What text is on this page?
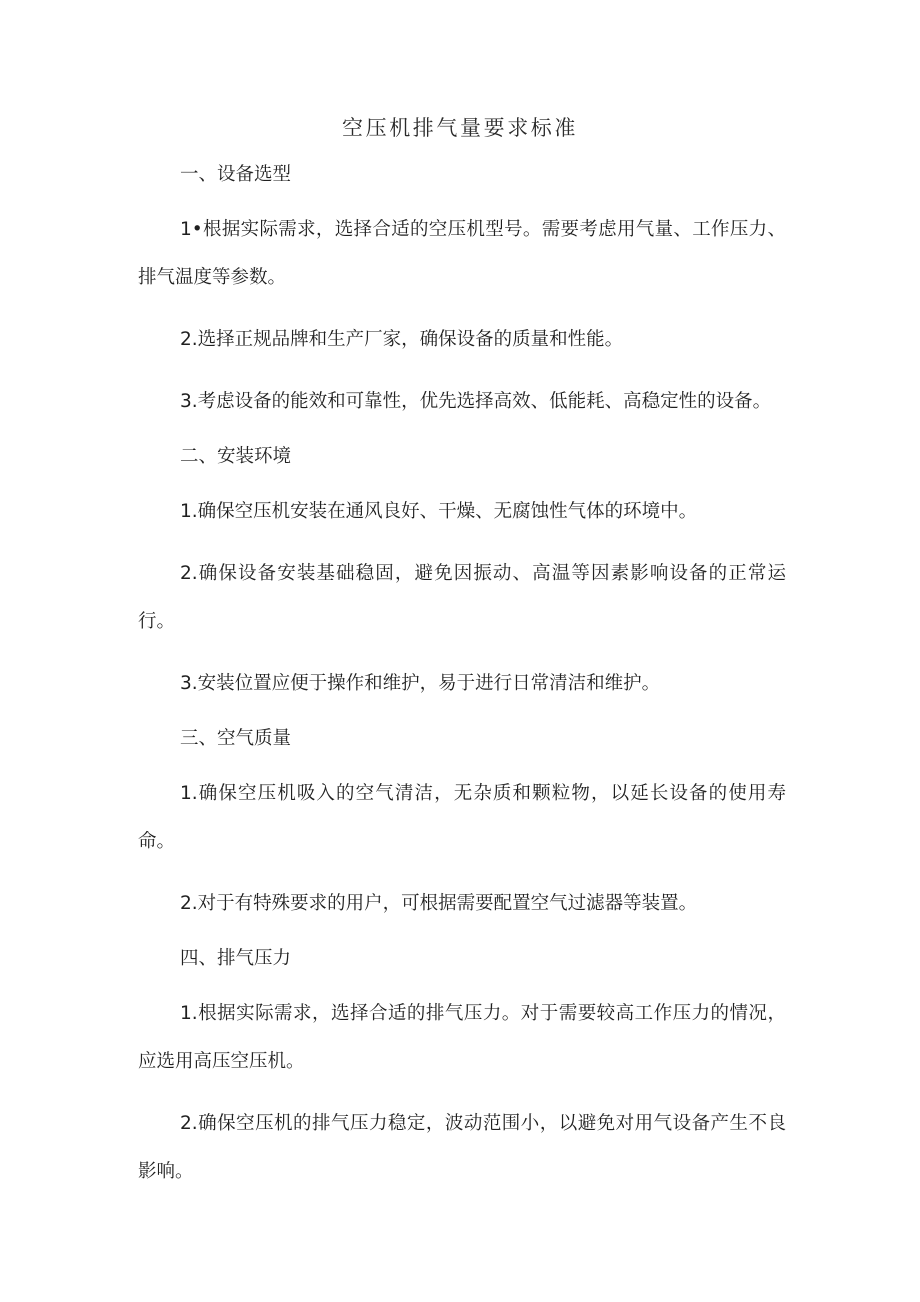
空压机排气量要求标准
一、设备选型

1•根据实际需求，选择合适的空压机型号。需要考虑用气量、工作压力、排气温度等参数。

2.选择正规品牌和生产厂家，确保设备的质量和性能。

3.考虑设备的能效和可靠性，优先选择高效、低能耗、高稳定性的设备。

二、安装环境

1.确保空压机安装在通风良好、干燥、无腐蚀性气体的环境中。

2.确保设备安装基础稳固，避免因振动、高温等因素影响设备的正常运行。

3.安装位置应便于操作和维护，易于进行日常清洁和维护。

三、空气质量

1.确保空压机吸入的空气清洁，无杂质和颗粒物，以延长设备的使用寿命。

2.对于有特殊要求的用户，可根据需要配置空气过滤器等装置。

四、排气压力

1.根据实际需求，选择合适的排气压力。对于需要较高工作压力的情况，应选用高压空压机。

2.确保空压机的排气压力稳定，波动范围小，以避免对用气设备产生不良影响。
